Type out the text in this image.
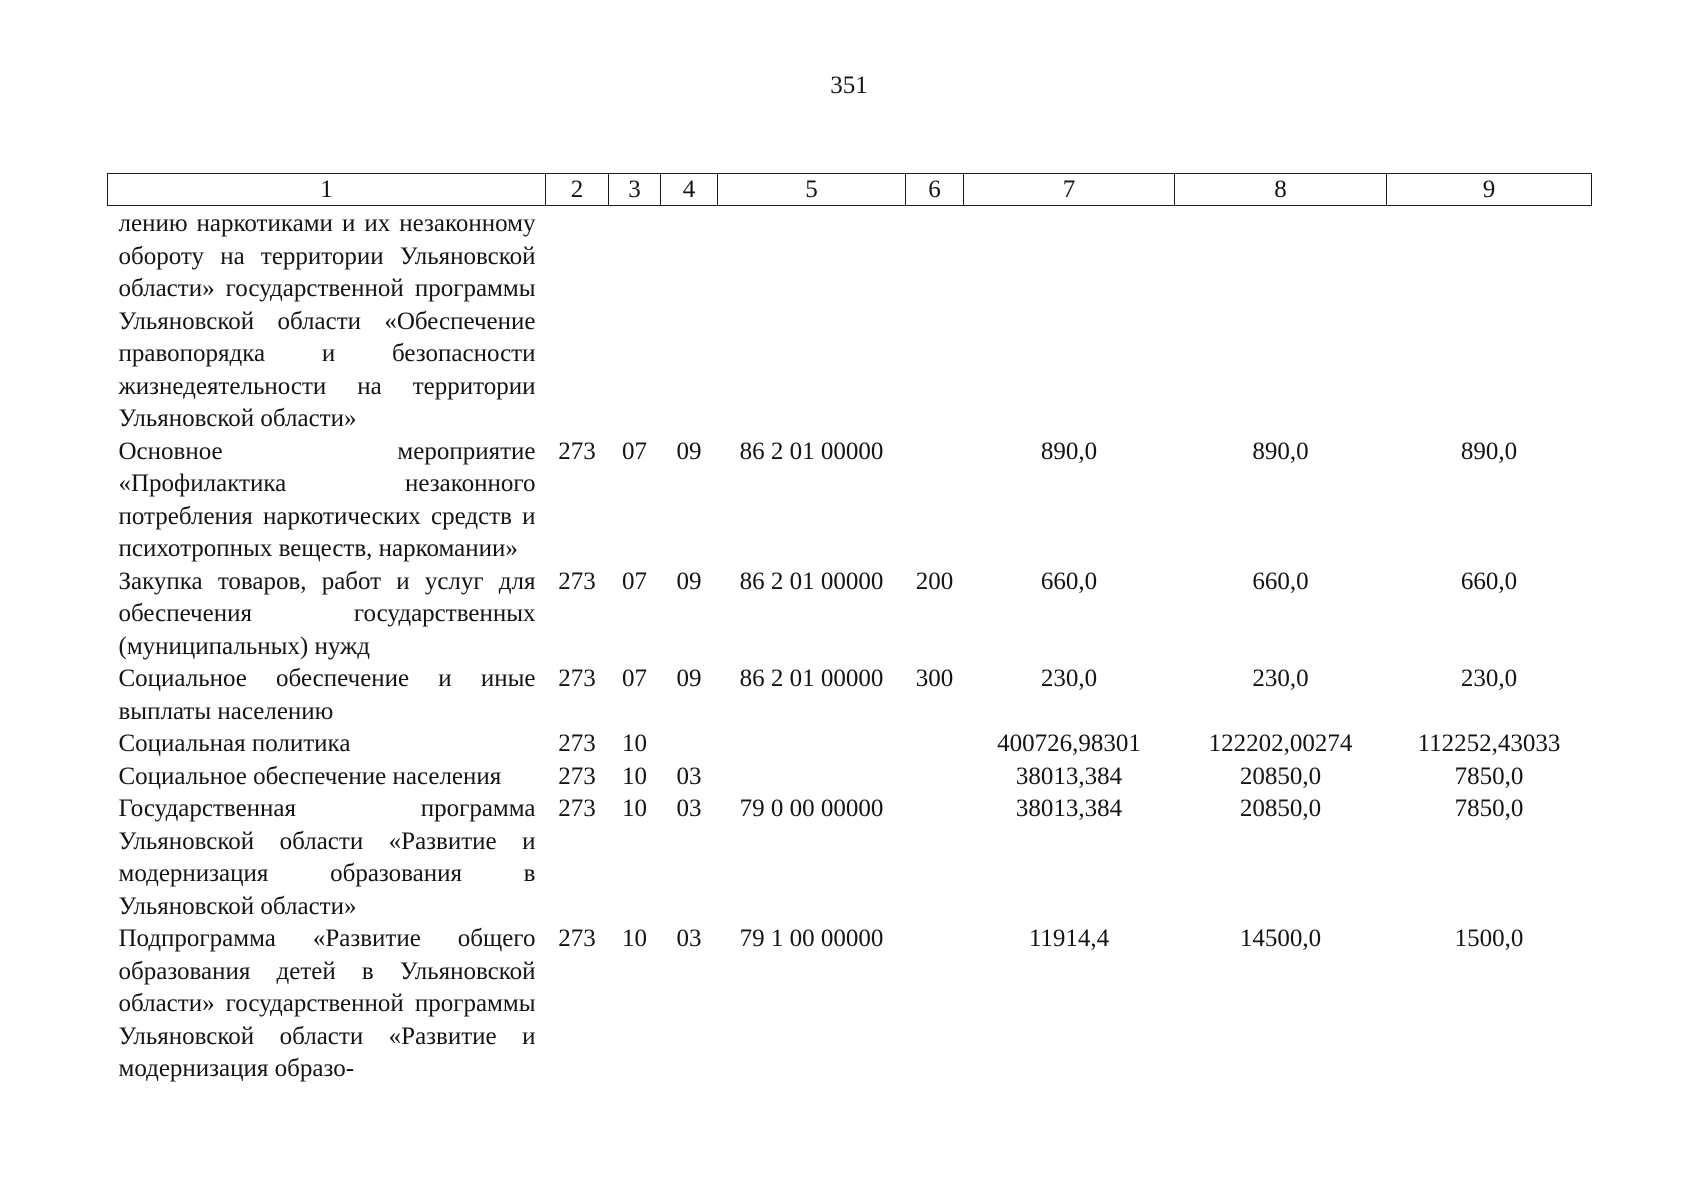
351
1	2	3	4	5	6	7	8	9

лению наркотиками и их незаконному обороту на территории Ульяновской области» государственной программы Ульяновской области «Обеспечение правопорядка и безопасности жизнедеятельности на территории Ульяновской области»								
Основное мероприятие «Профилактика незаконного потребления наркотических средств и психотропных веществ, наркомании»	273	07	09	86 2 01 00000		890,0	890,0	890,0
Закупка товаров, работ и услуг для обеспечения государственных (муниципальных) нужд	273	07	09	86 2 01 00000	200	660,0	660,0	660,0
Социальное обеспечение и иные выплаты населению	273	07	09	86 2 01 00000	300	230,0	230,0	230,0
Социальная политика	273	10				400726,98301	122202,00274	112252,43033
Социальное обеспечение населения	273	10	03			38013,384	20850,0	7850,0
Государственная программа Ульяновской области «Развитие и модернизация образования в Ульяновской области»	273	10	03	79 0 00 00000		38013,384	20850,0	7850,0
Подпрограмма «Развитие общего образования детей в Ульяновской области» государственной программы Ульяновской области «Развитие и модернизация образо-	273	10	03	79 1 00 00000		11914,4	14500,0	1500,0
